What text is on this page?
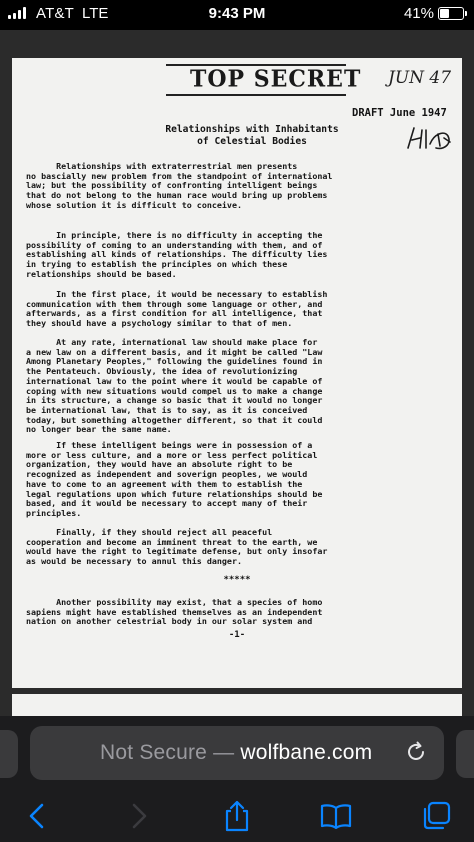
AT&T LTE	9:43 PM	41%
TOP SECRET JUN 47
DRAFT June 1947
Relationships with Inhabitants
of Celestial Bodies
Relationships with extraterrestrial men presents
no bascially new problem from the standpoint of international
law; but the possibility of confronting intelligent beings
that do not belong to the human race would bring up problems
whose solution it is difficult to conceive.
In principle, there is no difficulty in accepting the
possibility of coming to an understanding with them, and of
establishing all kinds of relationships. The difficulty lies
in trying to establish the principles on which these
relationships should be based.
In the first place, it would be necessary to establish
communication with them through some language or other, and
afterwards, as a first condition for all intelligence, that
they should have a psychology similar to that of men.
At any rate, international law should make place for
a new law on a different basis, and it might be called "Law
Among Planetary Peoples," following the guidelines found in
the Pentateuch. Obviously, the idea of revolutionizing
international law to the point where it would be capable of
coping with new situations would compel us to make a change
in its structure, a change so basic that it would no longer
be international law, that is to say, as it is conceived
today, but something altogether different, so that it could
no longer bear the same name.
If these intelligent beings were in possession of a
more or less culture, and a more or less perfect political
organization, they would have an absolute right to be
recognized as independent and soverign peoples, we would
have to come to an agreement with them to establish the
legal regulations upon which future relationships should be
based, and it would be necessary to accept many of their
principles.
Finally, if they should reject all peaceful
cooperation and become an imminent threat to the earth, we
would have the right to legitimate defense, but only insofar
as would be necessary to annul this danger.
Another possibility may exist, that a species of homo
sapiens might have established themselves as an independent
nation on another celestrial body in our solar system and
*****
-1-
Not Secure — wolfbane.com
